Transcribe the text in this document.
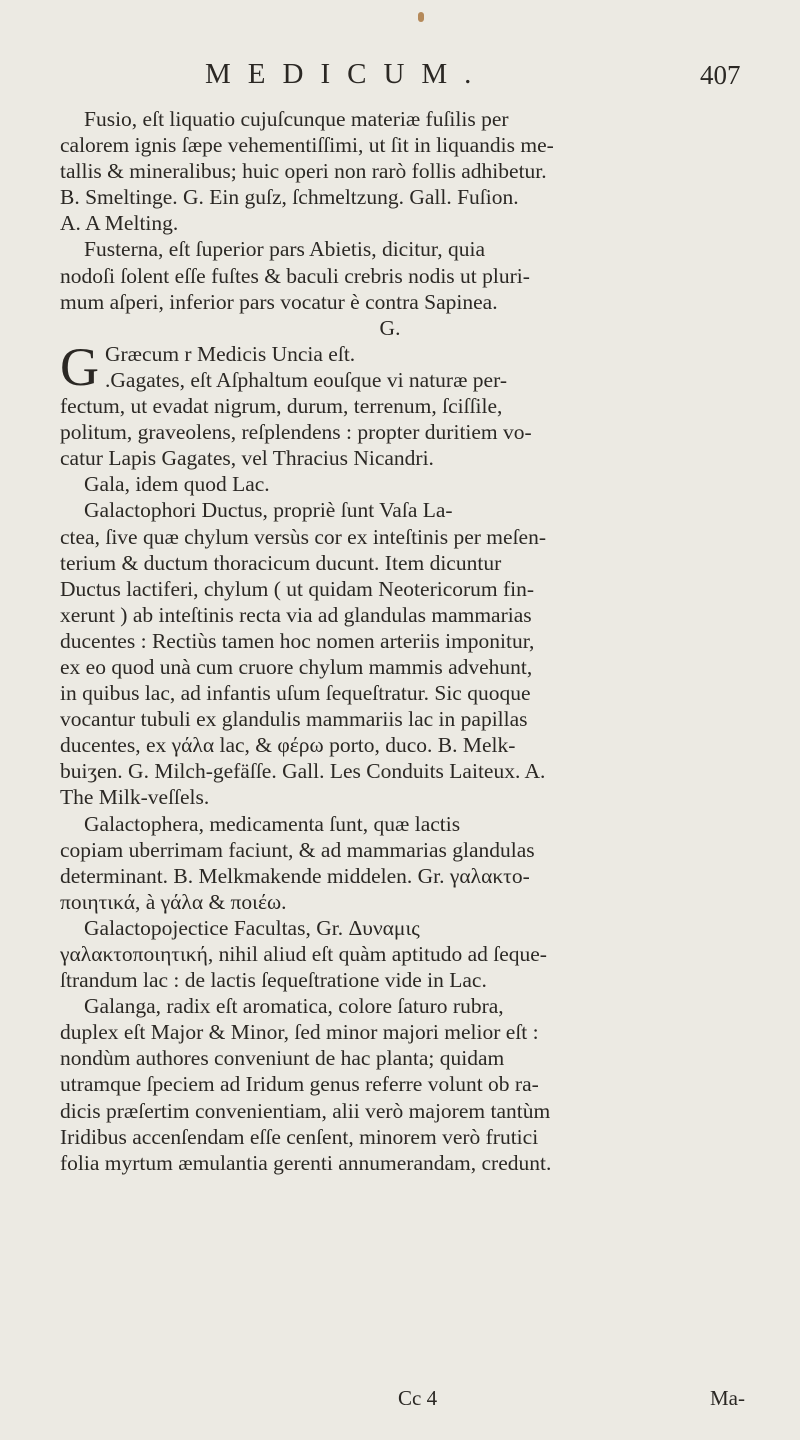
MEDICUM.	407
Fusio, eſt liquatio cujuſcunque materiæ fuſilis per
calorem ignis ſæpe vehementiſſimi, ut ſit in liquandis me-
tallis & mineralibus; huic operi non rarò follis adhibetur.
B. Smeltinge. G. Ein guſz, ſchmeltzung. Gall. Fuſion.
A. A Melting.
Fusterna, eſt ſuperior pars Abietis, dicitur, quia
nodoſi ſolent eſſe fuſtes & baculi crebris nodis ut pluri-
mum aſperi, inferior pars vocatur è contra Sapinea.
G.
G Græcum r Medicis Uncia eſt.
.Gagates, eſt Aſphaltum eouſque vi naturæ per-
fectum, ut evadat nigrum, durum, terrenum, ſciſſile,
politum, graveolens, reſplendens : propter duritiem vo-
catur Lapis Gagates, vel Thracius Nicandri.
Gala, idem quod Lac.
Galactophori Ductus, propriè ſunt Vaſa La-
ctea, ſive quæ chylum versùs cor ex inteſtinis per meſen-
terium & ductum thoracicum ducunt. Item dicuntur
Ductus lactiferi, chylum ( ut quidam Neotericorum fin-
xerunt ) ab inteſtinis recta via ad glandulas mammarias
ducentes : Rectiùs tamen hoc nomen arteriis imponitur,
ex eo quod unà cum cruore chylum mammis advehunt,
in quibus lac, ad infantis uſum ſequeſtratur. Sic quoque
vocantur tubuli ex glandulis mammariis lac in papillas
ducentes, ex γάλα lac, & φέρω porto, duco. B. Melk-
buiʒen. G. Milch-gefäſſe. Gall. Les Conduits Laiteux. A.
The Milk-veſſels.
Galactophera, medicamenta ſunt, quæ lactis
copiam uberrimam faciunt, & ad mammarias glandulas
determinant. B. Melkmakende middelen. Gr. γαλακτο-
ποιητικά, à γάλα & ποιέω.
Galactopojectice Facultas, Gr. Δυναμις
γαλακτοποιητική, nihil aliud eſt quàm aptitudo ad ſeque-
ſtrandum lac : de lactis ſequeſtratione vide in Lac.
Galanga, radix eſt aromatica, colore ſaturo rubra,
duplex eſt Major & Minor, ſed minor majori melior eſt :
nondùm authores conveniunt de hac planta; quidam
utramque ſpeciem ad Iridum genus referre volunt ob ra-
dicis præſertim convenientiam, alii verò majorem tantùm
Iridibus accenſendam eſſe cenſent, minorem verò frutici
folia myrtum æmulantia gerenti annumerandam, credunt.
Cc 4	Ma-
